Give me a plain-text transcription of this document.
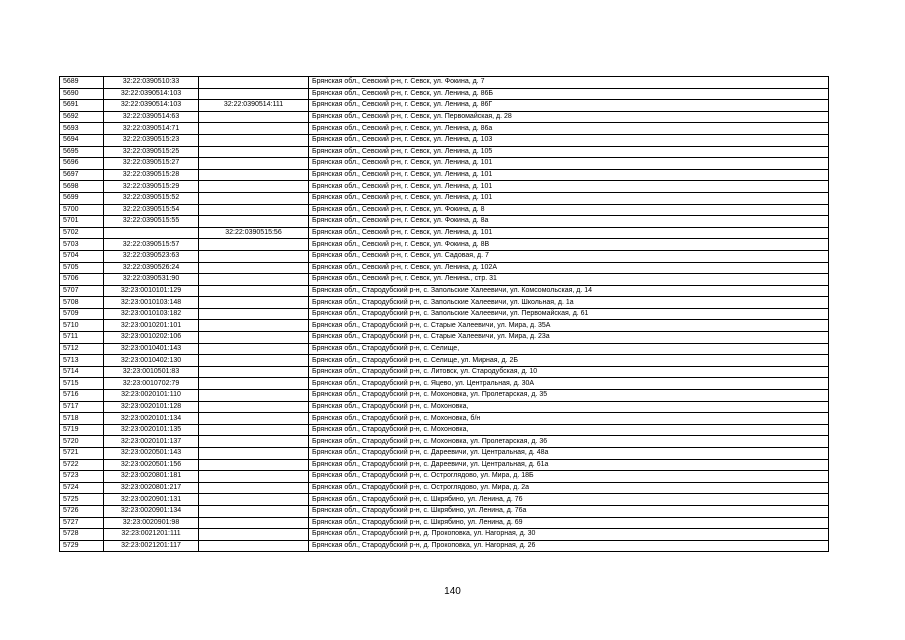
5689	32:22:0390510:33		Брянская обл., Севский р-н, г. Севск, ул. Фокина, д. 7
5690	32:22:0390514:103		Брянская обл., Севский р-н, г. Севск, ул. Ленина, д. 86Б
5691	32:22:0390514:103	32:22:0390514:111	Брянская обл., Севский р-н, г. Севск, ул. Ленина, д. 86Г
5692	32:22:0390514:63		Брянская обл., Севский р-н, г. Севск, ул. Первомайская, д. 28
5693	32:22:0390514:71		Брянская обл., Севский р-н, г. Севск, ул. Ленина, д. 86а
5694	32:22:0390515:23		Брянская обл., Севский р-н, г. Севск, ул. Ленина, д. 103
5695	32:22:0390515:25		Брянская обл., Севский р-н, г. Севск, ул. Ленина, д. 105
5696	32:22:0390515:27		Брянская обл., Севский р-н, г. Севск, ул. Ленина, д. 101
5697	32:22:0390515:28		Брянская обл., Севский р-н, г. Севск, ул. Ленина, д. 101
5698	32:22:0390515:29		Брянская обл., Севский р-н, г. Севск, ул. Ленина, д. 101
5699	32:22:0390515:52		Брянская обл., Севский р-н, г. Севск, ул. Ленина, д. 101
5700	32:22:0390515:54		Брянская обл., Севский р-н, г. Севск, ул. Фокина, д. 8
5701	32:22:0390515:55		Брянская обл., Севский р-н, г. Севск, ул. Фокина, д. 8а
5702		32:22:0390515:56	Брянская обл., Севский р-н, г. Севск, ул. Ленина, д. 101
5703	32:22:0390515:57		Брянская обл., Севский р-н, г. Севск, ул. Фокина, д. 8В
5704	32:22:0390523:63		Брянская обл., Севский р-н, г. Севск, ул. Садовая, д. 7
5705	32:22:0390526:24		Брянская обл., Севский р-н, г. Севск, ул. Ленина, д. 102А
5706	32:22:0390531:90		Брянская обл., Севский р-н, г. Севск, ул. Ленина., стр. 31
5707	32:23:0010101:129		Брянская обл., Стародубский р-н, с. Запольские Халеевичи, ул. Комсомольская, д. 14
5708	32:23:0010103:148		Брянская обл., Стародубский р-н, с. Запольские Халеевичи, ул. Школьная, д. 1а
5709	32:23:0010103:182		Брянская обл., Стародубский р-н, с. Запольские Халеевичи, ул. Первомайская, д. 61
5710	32:23:0010201:101		Брянская обл., Стародубский р-н, с. Старые Халеевичи, ул. Мира, д. 35А
5711	32:23:0010202:106		Брянская обл., Стародубский р-н, с. Старые Халеевичи, ул. Мира, д. 23а
5712	32:23:0010401:143		Брянская обл., Стародубский р-н, с. Селище,
5713	32:23:0010402:130		Брянская обл., Стародубский р-н, с. Селище, ул. Мирная, д. 2Б
5714	32:23:0010501:83		Брянская обл., Стародубский р-н, с. Литовск, ул. Стародубская, д. 10
5715	32:23:0010702:79		Брянская обл., Стародубский р-н, с. Яцево, ул. Центральная, д. 30А
5716	32:23:0020101:110		Брянская обл., Стародубский р-н, с. Мохоновка, ул. Пролетарская, д. 35
5717	32:23:0020101:128		Брянская обл., Стародубский р-н, с. Мохоновка,
5718	32:23:0020101:134		Брянская обл., Стародубский р-н, с. Мохоновка, б/н
5719	32:23:0020101:135		Брянская обл., Стародубский р-н, с. Мохоновка,
5720	32:23:0020101:137		Брянская обл., Стародубский р-н, с. Мохоновка, ул. Пролетарская, д. 36
5721	32:23:0020501:143		Брянская обл., Стародубский р-н, с. Дареевичи, ул. Центральная, д. 48а
5722	32:23:0020501:156		Брянская обл., Стародубский р-н, с. Дареевичи, ул. Центральная, д. 61а
5723	32:23:0020801:181		Брянская обл., Стародубский р-н, с. Остроглядово, ул. Мира, д. 18Б
5724	32:23:0020801:217		Брянская обл., Стародубский р-н, с. Остроглядово, ул. Мира, д. 2а
5725	32:23:0020901:131		Брянская обл., Стародубский р-н, с. Шкрябино, ул. Ленина, д. 76
5726	32:23:0020901:134		Брянская обл., Стародубский р-н, с. Шкрябино, ул. Ленина, д. 76а
5727	32:23:0020901:98		Брянская обл., Стародубский р-н, с. Шкрябино, ул. Ленина, д. 69
5728	32:23:0021201:111		Брянская обл., Стародубский р-н, д. Прокоповка, ул. Нагорная, д. 30
5729	32:23:0021201:117		Брянская обл., Стародубский р-н, д. Прокоповка, ул. Нагорная, д. 26
140
